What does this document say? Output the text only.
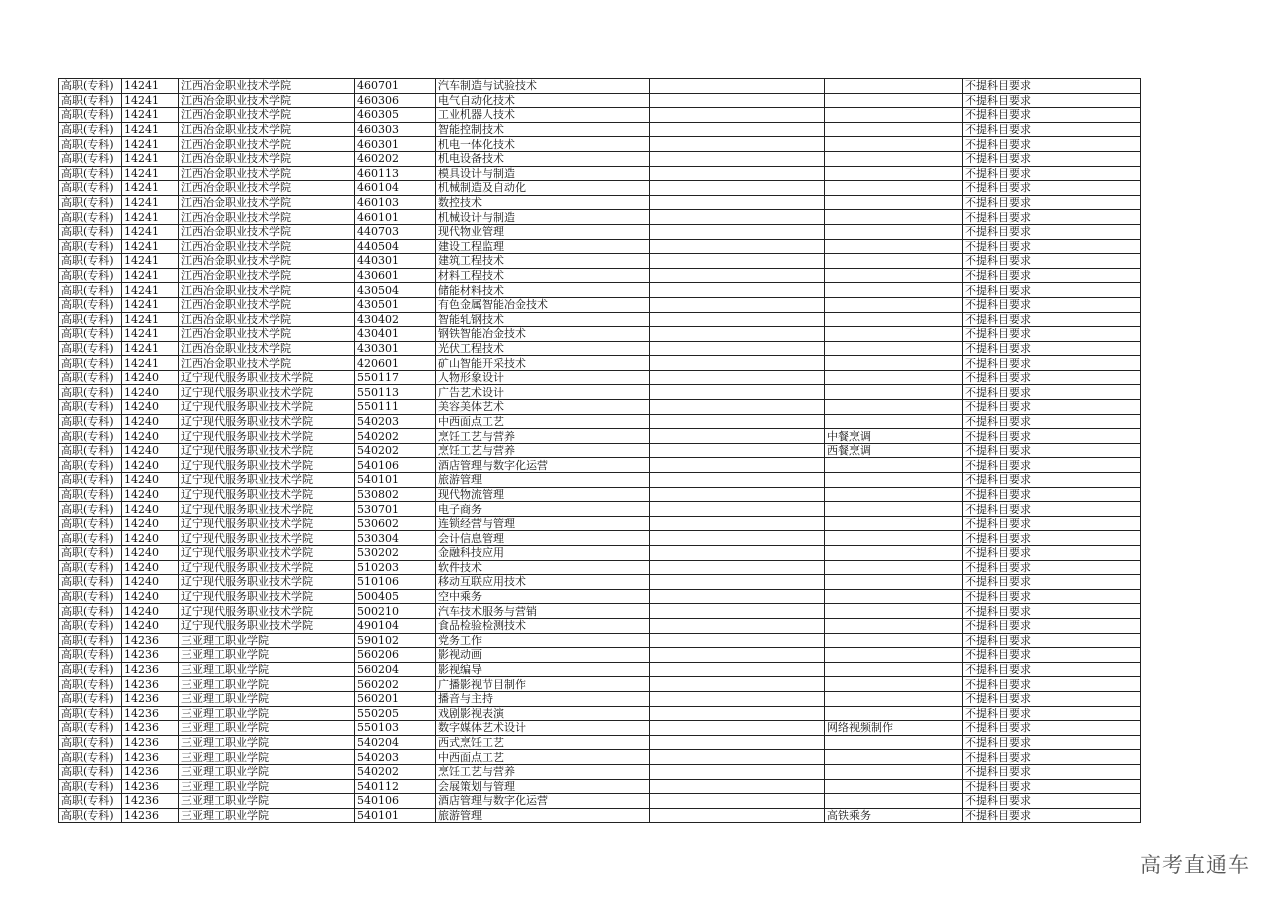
高职(专科)	14241	江西冶金职业技术学院	460701	汽车制造与试验技术			不提科目要求
高职(专科)	14241	江西冶金职业技术学院	460306	电气自动化技术			不提科目要求
高职(专科)	14241	江西冶金职业技术学院	460305	工业机器人技术			不提科目要求
高职(专科)	14241	江西冶金职业技术学院	460303	智能控制技术			不提科目要求
高职(专科)	14241	江西冶金职业技术学院	460301	机电一体化技术			不提科目要求
高职(专科)	14241	江西冶金职业技术学院	460202	机电设备技术			不提科目要求
高职(专科)	14241	江西冶金职业技术学院	460113	模具设计与制造			不提科目要求
高职(专科)	14241	江西冶金职业技术学院	460104	机械制造及自动化			不提科目要求
高职(专科)	14241	江西冶金职业技术学院	460103	数控技术			不提科目要求
高职(专科)	14241	江西冶金职业技术学院	460101	机械设计与制造			不提科目要求
高职(专科)	14241	江西冶金职业技术学院	440703	现代物业管理			不提科目要求
高职(专科)	14241	江西冶金职业技术学院	440504	建设工程监理			不提科目要求
高职(专科)	14241	江西冶金职业技术学院	440301	建筑工程技术			不提科目要求
高职(专科)	14241	江西冶金职业技术学院	430601	材料工程技术			不提科目要求
高职(专科)	14241	江西冶金职业技术学院	430504	储能材料技术			不提科目要求
高职(专科)	14241	江西冶金职业技术学院	430501	有色金属智能冶金技术			不提科目要求
高职(专科)	14241	江西冶金职业技术学院	430402	智能轧钢技术			不提科目要求
高职(专科)	14241	江西冶金职业技术学院	430401	钢铁智能冶金技术			不提科目要求
高职(专科)	14241	江西冶金职业技术学院	430301	光伏工程技术			不提科目要求
高职(专科)	14241	江西冶金职业技术学院	420601	矿山智能开采技术			不提科目要求
高职(专科)	14240	辽宁现代服务职业技术学院	550117	人物形象设计			不提科目要求
高职(专科)	14240	辽宁现代服务职业技术学院	550113	广告艺术设计			不提科目要求
高职(专科)	14240	辽宁现代服务职业技术学院	550111	美容美体艺术			不提科目要求
高职(专科)	14240	辽宁现代服务职业技术学院	540203	中西面点工艺			不提科目要求
高职(专科)	14240	辽宁现代服务职业技术学院	540202	烹饪工艺与营养		中餐烹调	不提科目要求
高职(专科)	14240	辽宁现代服务职业技术学院	540202	烹饪工艺与营养		西餐烹调	不提科目要求
高职(专科)	14240	辽宁现代服务职业技术学院	540106	酒店管理与数字化运营			不提科目要求
高职(专科)	14240	辽宁现代服务职业技术学院	540101	旅游管理			不提科目要求
高职(专科)	14240	辽宁现代服务职业技术学院	530802	现代物流管理			不提科目要求
高职(专科)	14240	辽宁现代服务职业技术学院	530701	电子商务			不提科目要求
高职(专科)	14240	辽宁现代服务职业技术学院	530602	连锁经营与管理			不提科目要求
高职(专科)	14240	辽宁现代服务职业技术学院	530304	会计信息管理			不提科目要求
高职(专科)	14240	辽宁现代服务职业技术学院	530202	金融科技应用			不提科目要求
高职(专科)	14240	辽宁现代服务职业技术学院	510203	软件技术			不提科目要求
高职(专科)	14240	辽宁现代服务职业技术学院	510106	移动互联应用技术			不提科目要求
高职(专科)	14240	辽宁现代服务职业技术学院	500405	空中乘务			不提科目要求
高职(专科)	14240	辽宁现代服务职业技术学院	500210	汽车技术服务与营销			不提科目要求
高职(专科)	14240	辽宁现代服务职业技术学院	490104	食品检验检测技术			不提科目要求
高职(专科)	14236	三亚理工职业学院	590102	党务工作			不提科目要求
高职(专科)	14236	三亚理工职业学院	560206	影视动画			不提科目要求
高职(专科)	14236	三亚理工职业学院	560204	影视编导			不提科目要求
高职(专科)	14236	三亚理工职业学院	560202	广播影视节目制作			不提科目要求
高职(专科)	14236	三亚理工职业学院	560201	播音与主持			不提科目要求
高职(专科)	14236	三亚理工职业学院	550205	戏剧影视表演			不提科目要求
高职(专科)	14236	三亚理工职业学院	550103	数字媒体艺术设计		网络视频制作	不提科目要求
高职(专科)	14236	三亚理工职业学院	540204	西式烹饪工艺			不提科目要求
高职(专科)	14236	三亚理工职业学院	540203	中西面点工艺			不提科目要求
高职(专科)	14236	三亚理工职业学院	540202	烹饪工艺与营养			不提科目要求
高职(专科)	14236	三亚理工职业学院	540112	会展策划与管理			不提科目要求
高职(专科)	14236	三亚理工职业学院	540106	酒店管理与数字化运营			不提科目要求
高职(专科)	14236	三亚理工职业学院	540101	旅游管理		高铁乘务	不提科目要求
高考直通车
